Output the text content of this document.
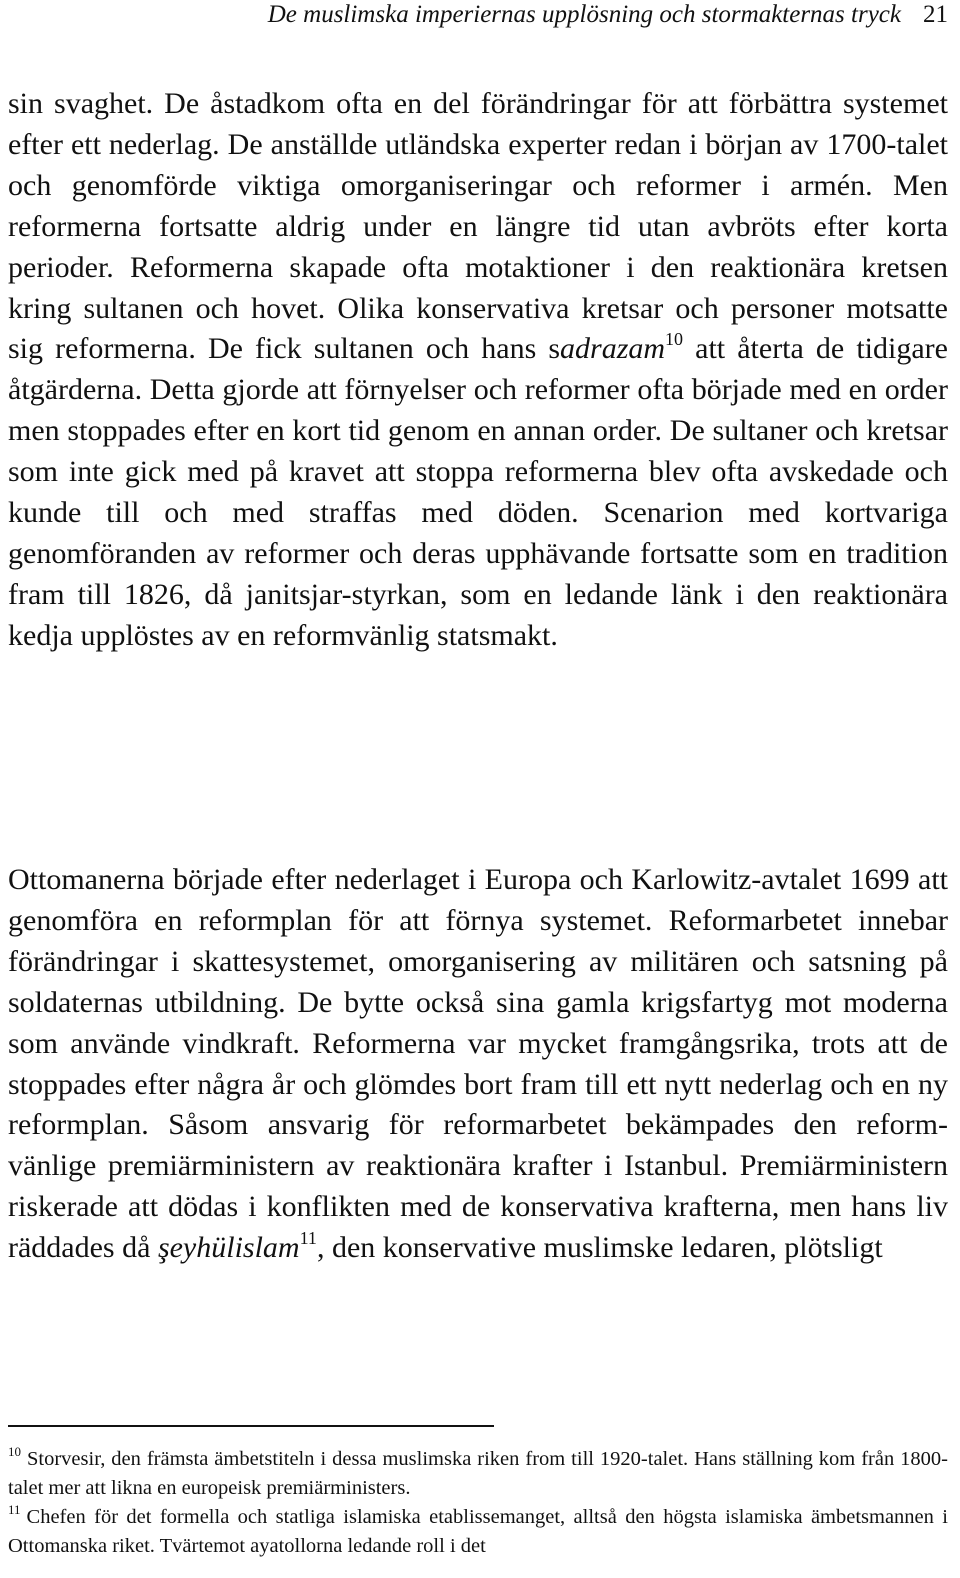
De muslimska imperiernas upplösning och stormakternas tryck 21

sin svaghet. De åstadkom ofta en del förändringar för att förbättra systemet efter ett nederlag. De anställde utländska experter redan i början av 1700-talet och genomförde viktiga omorganiseringar och reformer i armén. Men reformerna fortsatte aldrig under en längre tid utan avbröts efter korta perioder. Reformerna skapade ofta motaktioner i den reaktionära kretsen kring sultanen och hovet. Olika konservativa kretsar och personer motsatte sig reformerna. De fick sultanen och hans sadrazam$^{10}$ att återta de tidigare åtgärderna. Detta gjorde att förnyelser och reformer ofta började med en order men stoppades efter en kort tid genom en annan order. De sultaner och kretsar som inte gick med på kravet att stoppa reformerna blev ofta avskedade och kunde till och med straffas med döden. Scenarion med kortvariga genomföranden av reformer och deras upphävande fortsatte som en tradition fram till 1826, då janitsjar-styrkan, som en ledande länk i den reaktionära kedja upplöstes av en reformvänlig statsmakt.

Ottomanerna började efter nederlaget i Europa och Karlowitz-avtalet 1699 att genomföra en reformplan för att förnya systemet. Reformarbetet innebar förändringar i skattesystemet, omorganisering av militären och satsning på soldaternas utbildning. De bytte också sina gamla krigsfartyg mot moderna som använde vindkraft. Reformerna var mycket framgångsrika, trots att de stoppades efter några år och glömdes bort fram till ett nytt nederlag och en ny reformplan. Såsom ansvarig för reformarbetet bekämpades den reform-vänlige premiärministern av reaktionära krafter i Istanbul. Premiärministern riskerade att dödas i konflikten med de konservativa krafterna, men hans liv räddades då şeyhülislam$^{11}$, den konservative muslimske ledaren, plötsligt

$^{10}$ Storvesir, den främsta ämbetstiteln i dessa muslimska riken from till 1920-talet. Hans ställning kom från 1800-talet mer att likna en europeisk premiärministers.

$^{11}$ Chefen för det formella och statliga islamiska etablissemanget, alltså den högsta islamiska ämbetsmannen i Ottomanska riket. Tvärtemot ayatollorna ledande roll i det
